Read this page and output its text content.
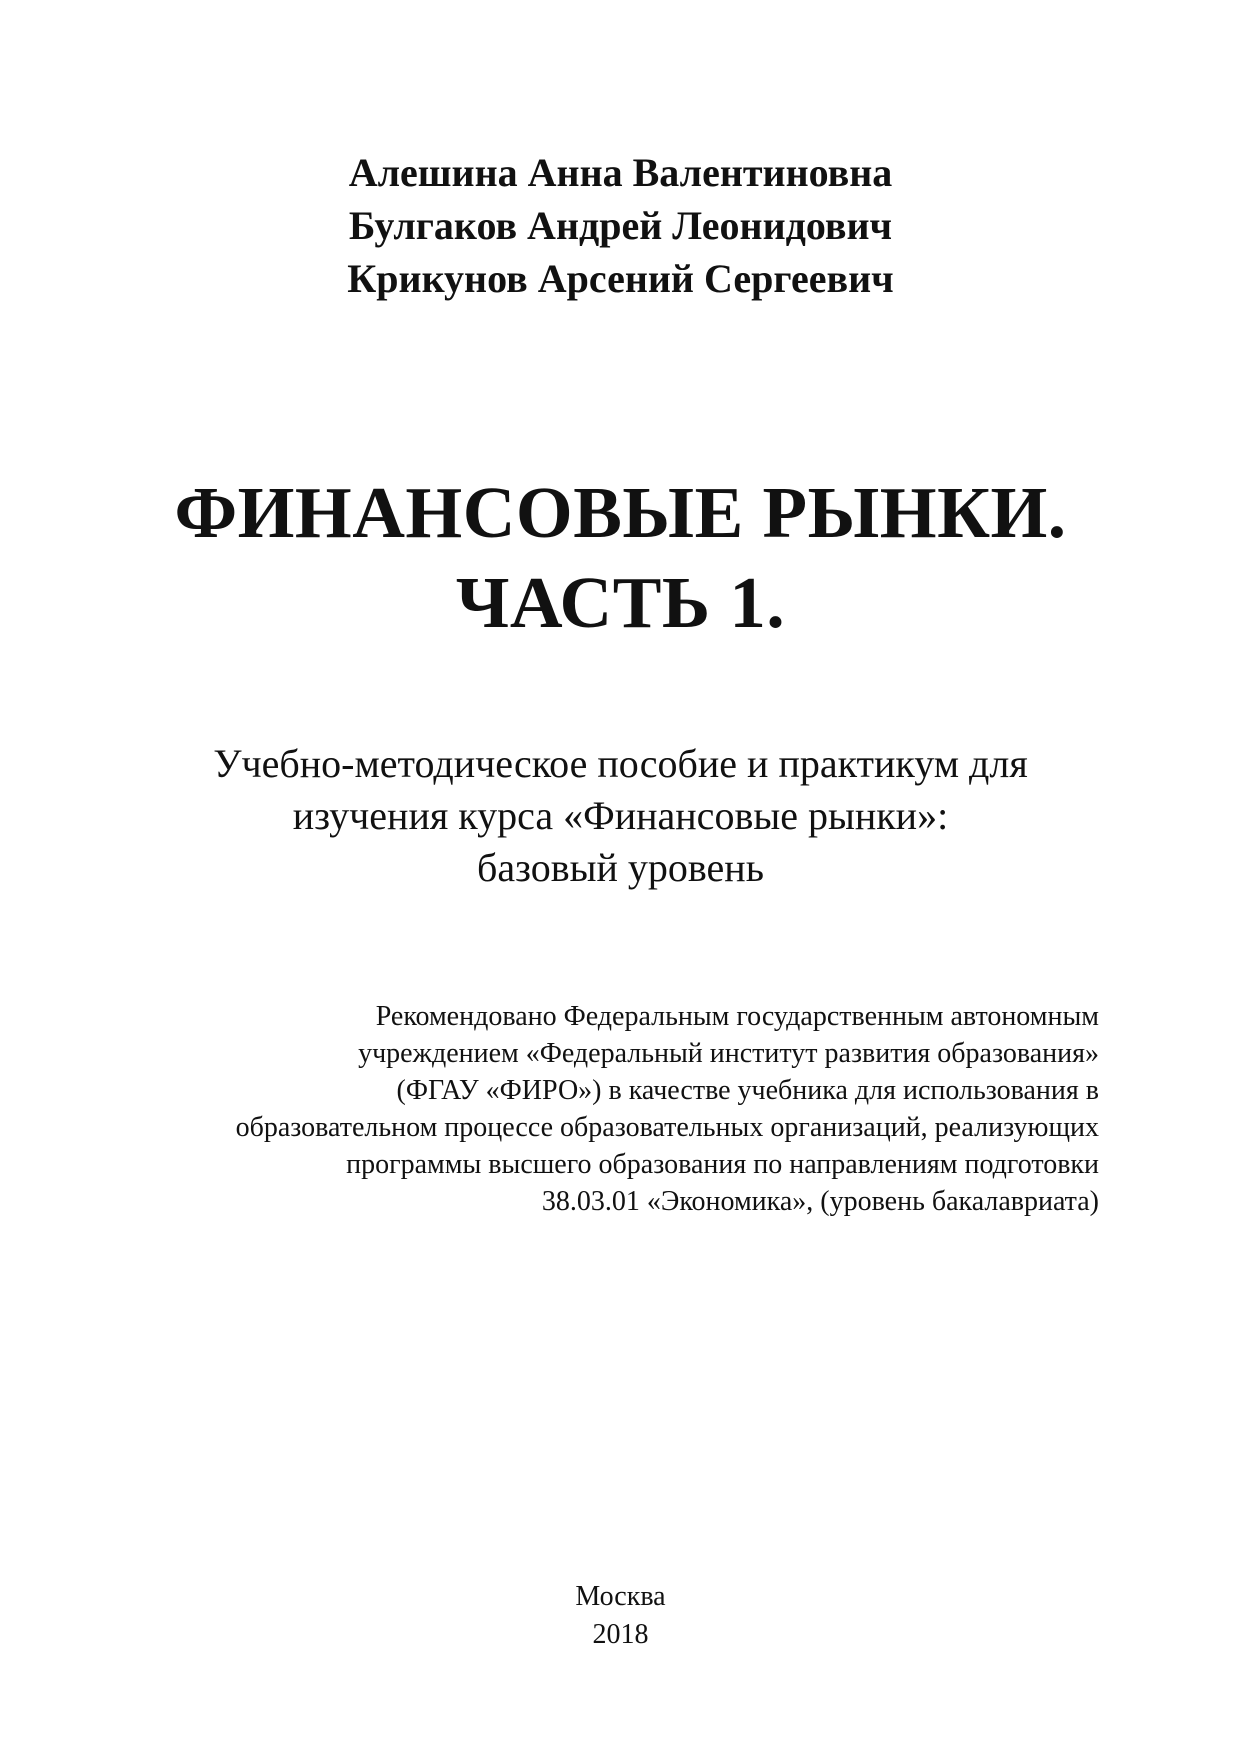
Алешина Анна Валентиновна
Булгаков Андрей Леонидович
Крикунов Арсений Сергеевич
ФИНАНСОВЫЕ РЫНКИ.
ЧАСТЬ 1.
Учебно-методическое пособие и практикум для
изучения курса «Финансовые рынки»:
базовый уровень
Рекомендовано Федеральным государственным автономным
учреждением «Федеральный институт развития образования»
(ФГАУ «ФИРО») в качестве учебника для использования в
образовательном процессе образовательных организаций, реализующих
программы высшего образования по направлениям подготовки
38.03.01 «Экономика», (уровень бакалавриата)
Москва
2018
